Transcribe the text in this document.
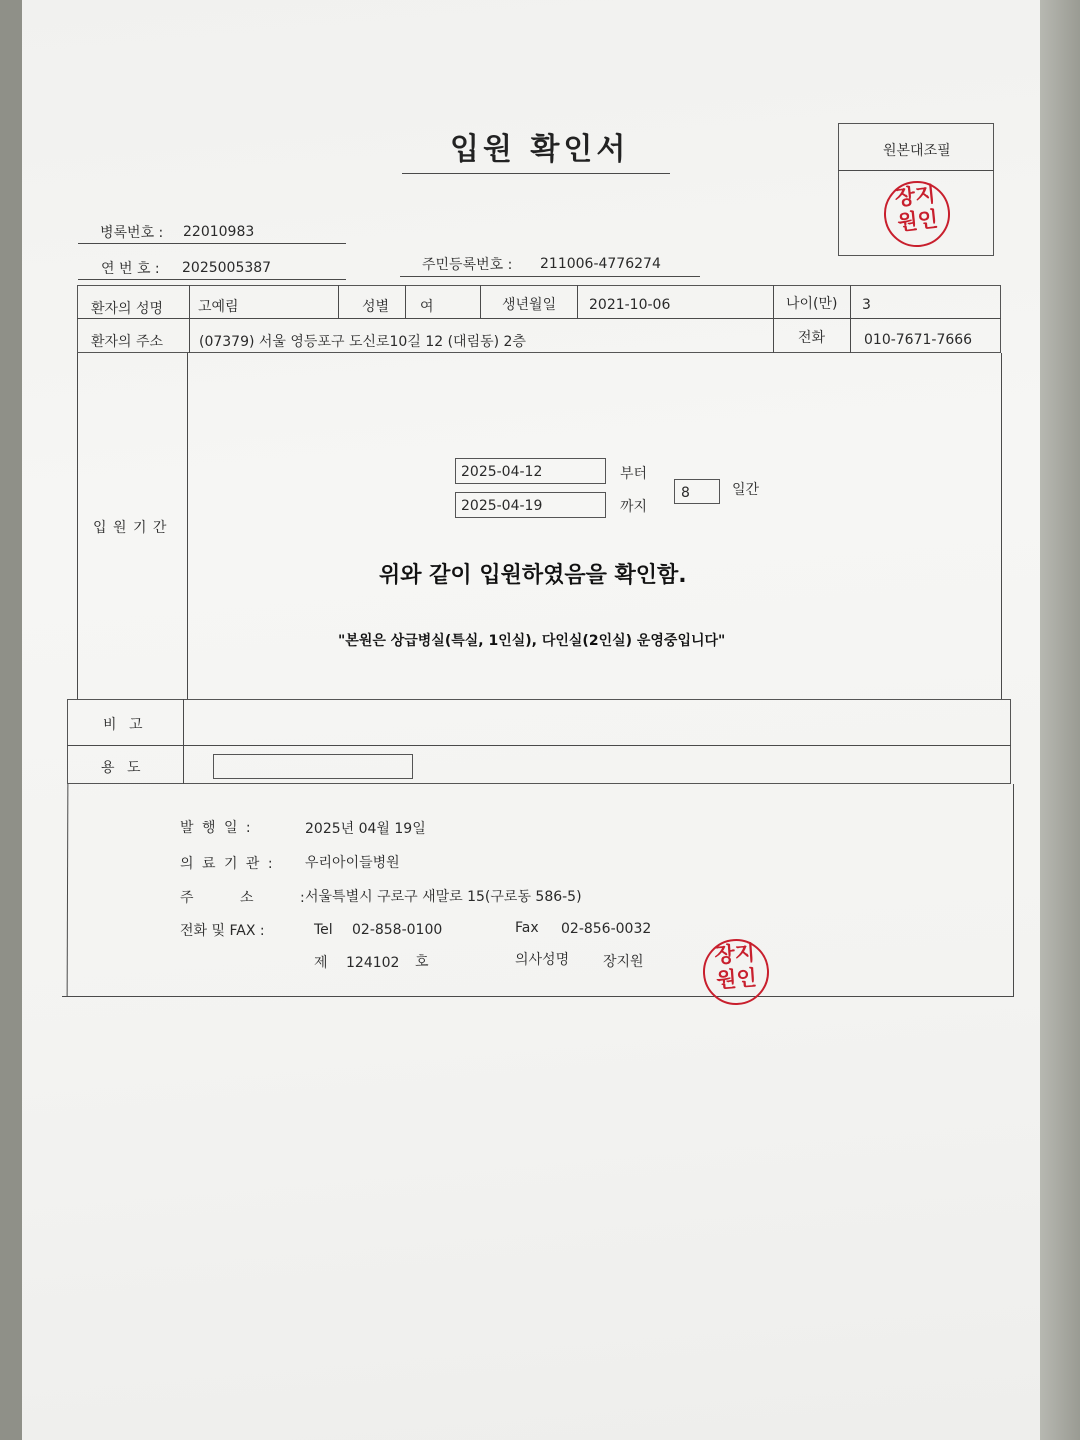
입원 확인서	원본대조필
장지
원인
병록번호 : 22010983
연 번 호 : 2025005387	주민등록번호 : 211006-4776274
환자의 성명 고예림	성별 여	생년월일 2021-10-06	나이(만) 3
환자의 주소	(07379) 서울 영등포구 도신로10길 12 (대림동) 2층	전화	010-7671-7666
입 원 기 간
2025-04-12	부터
2025-04-19	까지
8	일간
위와 같이 입원하였음을 확인함.
"본원은 상급병실(특실, 1인실), 다인실(2인실) 운영중입니다"
비 고
용 도
발 행 일 :	2025년 04월 19일
의 료 기 관 : 우리아이들병원
주 소 : 서울특별시 구로구 새말로 15(구로동 586-5)
전화 및 FAX :	Tel 02-858-0100	Fax 02-856-0032
제 124102 호	의사성명 장지원	장지
원인
